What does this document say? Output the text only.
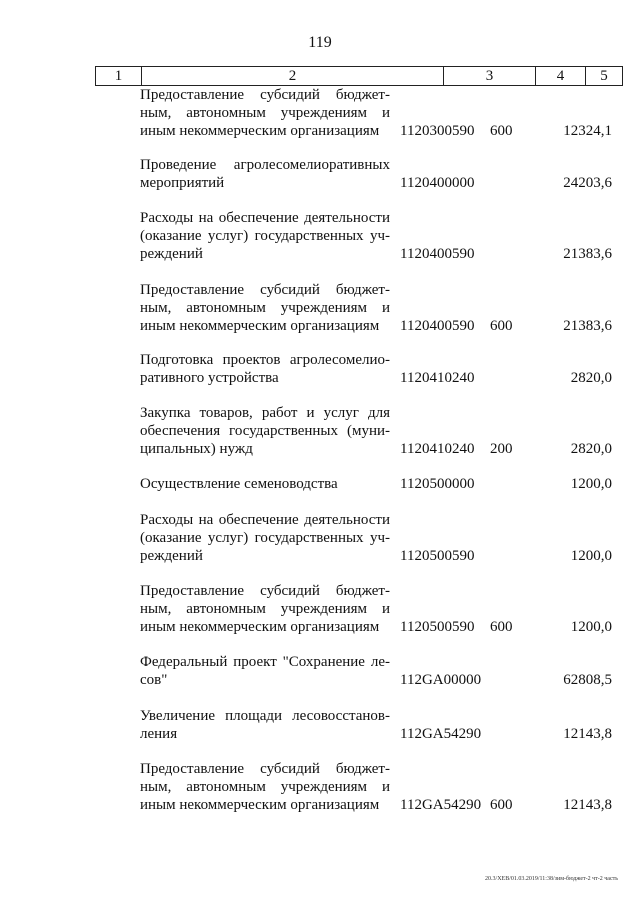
119
1	2	3	4	5
Предоставление субсидий бюджет-ным, автономным учреждениям и иным некоммерческим организациям	1120300590	600	12324,1
Проведение агролесомелиоративных мероприятий	1120400000	24203,6
Расходы на обеспечение деятельности (оказание услуг) государственных уч-реждений	1120400590	21383,6
Предоставление субсидий бюджет-ным, автономным учреждениям и иным некоммерческим организациям	1120400590	600	21383,6
Подготовка проектов агролесомелио-ративного устройства	1120410240	2820,0
Закупка товаров, работ и услуг для обеспечения государственных (муни-ципальных) нужд	1120410240	200	2820,0
Осуществление семеноводства	1120500000	1200,0
Расходы на обеспечение деятельности (оказание услуг) государственных уч-реждений	1120500590	1200,0
Предоставление субсидий бюджет-ным, автономным учреждениям и иным некоммерческим организациям	1120500590	600	1200,0
Федеральный проект "Сохранение ле-сов"	112GA00000	62808,5
Увеличение площади лесовосстанов-ления	112GA54290	12143,8
Предоставление субсидий бюджет-ным, автономным учреждениям и иным некоммерческим организациям	112GA54290 600	12143,8
20.3/ХЕВ/01.03.2019/11:38/зим-бюджет-2 чт-2 часть
